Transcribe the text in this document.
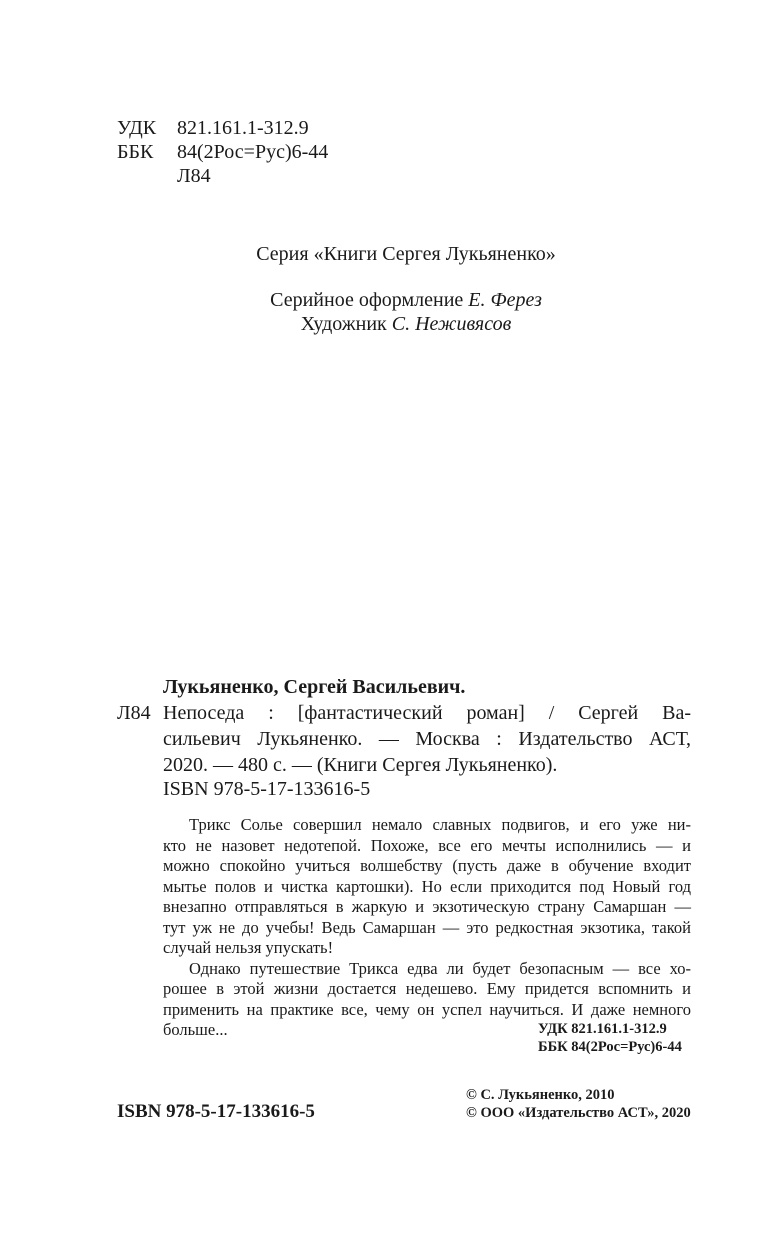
УДК 821.161.1-312.9
ББК 84(2Рос=Рус)6-44
Л84
Серия «Книги Сергея Лукьяненко»
Серийное оформление Е. Ферез
Художник С. Неживясов
Л84
Лукьяненко, Сергей Васильевич.
Непоседа : [фантастический роман] / Сергей Ва-
сильевич Лукьяненко. — Москва : Издательство АСТ,
2020. — 480 с. — (Книги Сергея Лукьяненко).
ISBN 978-5-17-133616-5
Трикс Солье совершил немало славных подвигов, и его уже ни-
кто не назовет недотепой. Похоже, все его мечты исполнились — и
можно спокойно учиться волшебству (пусть даже в обучение входит
мытье полов и чистка картошки). Но если приходится под Новый год
внезапно отправляться в жаркую и экзотическую страну Самаршан —
тут уж не до учебы! Ведь Самаршан — это редкостная экзотика, такой
случай нельзя упускать!
Однако путешествие Трикса едва ли будет безопасным — все хо-
рошее в этой жизни достается недешево. Ему придется вспомнить и
применить на практике все, чему он успел научиться. И даже немного
больше...	УДК 821.161.1-312.9
ББК 84(2Рос=Рус)6-44
© С. Лукьяненко, 2010
© ООО «Издательство АСТ», 2020
ISBN 978-5-17-133616-5
